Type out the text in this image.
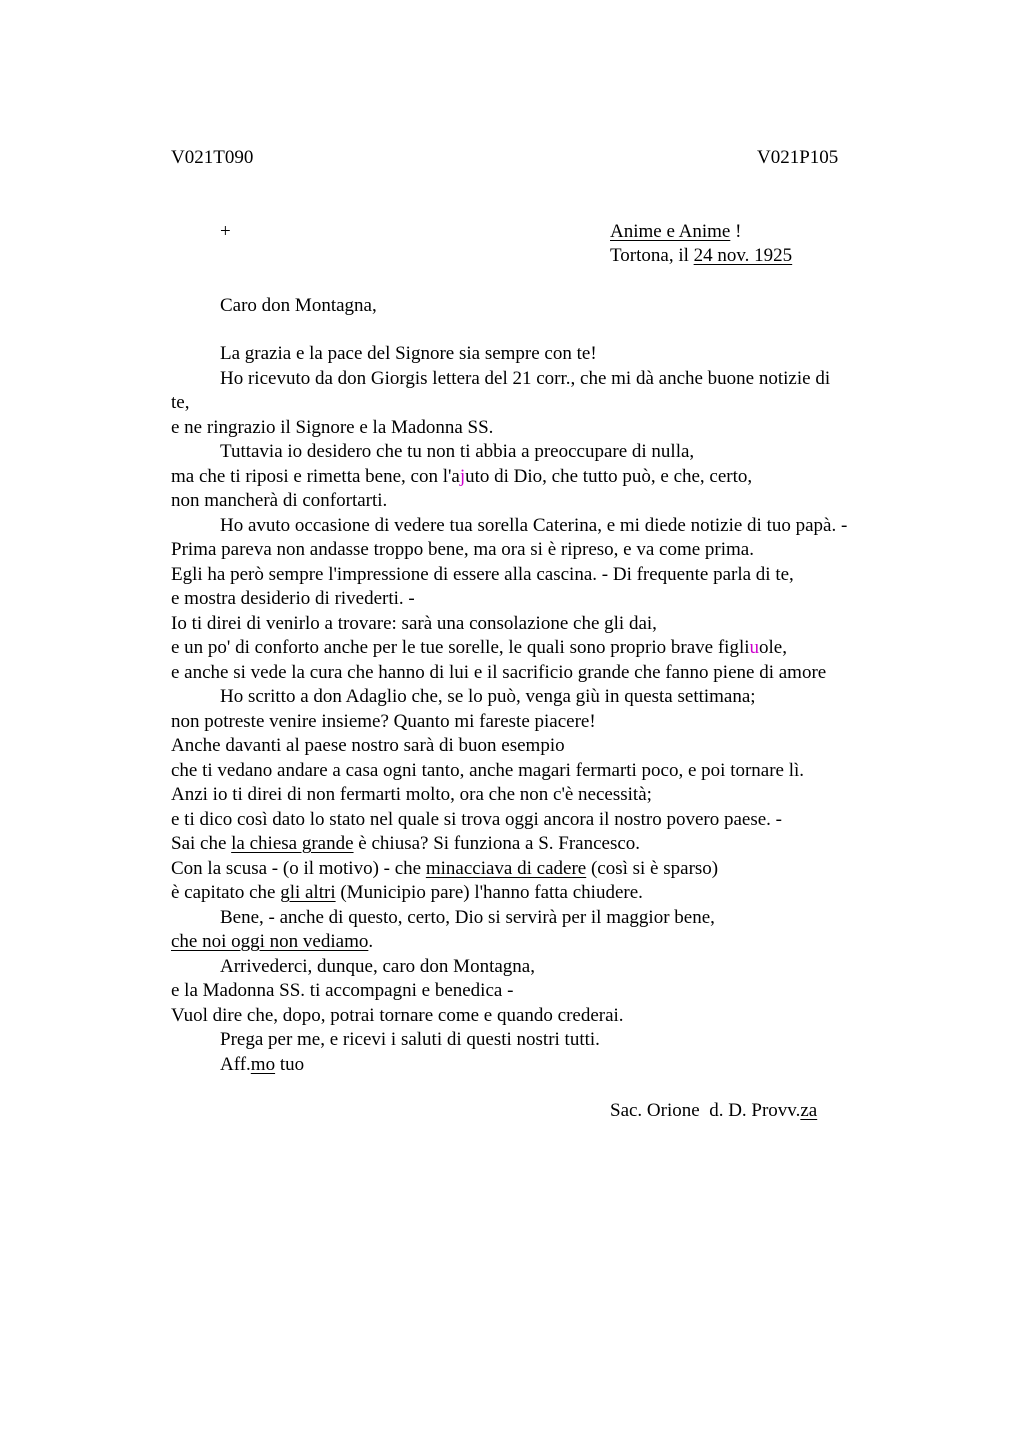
V021T090	V021P105
+	Anime e Anime !
Tortona, il 24 nov. 1925
Caro don Montagna,
La grazia e la pace del Signore sia sempre con te!
Ho ricevuto da don Giorgis lettera del 21 corr., che mi dà anche buone notizie di
te,
e ne ringrazio il Signore e la Madonna SS.
Tuttavia io desidero che tu non ti abbia a preoccupare di nulla,
ma che ti riposi e rimetta bene, con l'ajuto di Dio, che tutto può, e che, certo,
non mancherà di confortarti.
Ho avuto occasione di vedere tua sorella Caterina, e mi diede notizie di tuo papà. -
Prima pareva non andasse troppo bene, ma ora si è ripreso, e va come prima.
Egli ha però sempre l'impressione di essere alla cascina. - Di frequente parla di te,
e mostra desiderio di rivederti. -
Io ti direi di venirlo a trovare: sarà una consolazione che gli dai,
e un po' di conforto anche per le tue sorelle, le quali sono proprio brave figliuole,
e anche si vede la cura che hanno di lui e il sacrificio grande che fanno piene di amore
Ho scritto a don Adaglio che, se lo può, venga giù in questa settimana;
non potreste venire insieme? Quanto mi fareste piacere!
Anche davanti al paese nostro sarà di buon esempio
che ti vedano andare a casa ogni tanto, anche magari fermarti poco, e poi tornare lì.
Anzi io ti direi di non fermarti molto, ora che non c'è necessità;
e ti dico così dato lo stato nel quale si trova oggi ancora il nostro povero paese. -
Sai che la chiesa grande è chiusa? Si funziona a S. Francesco.
Con la scusa - (o il motivo) - che minacciava di cadere (così si è sparso)
è capitato che gli altri (Municipio pare) l'hanno fatta chiudere.
Bene, - anche di questo, certo, Dio si servirà per il maggior bene,
che noi oggi non vediamo.
Arrivederci, dunque, caro don Montagna,
e la Madonna SS. ti accompagni e benedica -
Vuol dire che, dopo, potrai tornare come e quando crederai.
Prega per me, e ricevi i saluti di questi nostri tutti.
Aff.mo tuo
Sac. Orione  d. D. Provv.za
